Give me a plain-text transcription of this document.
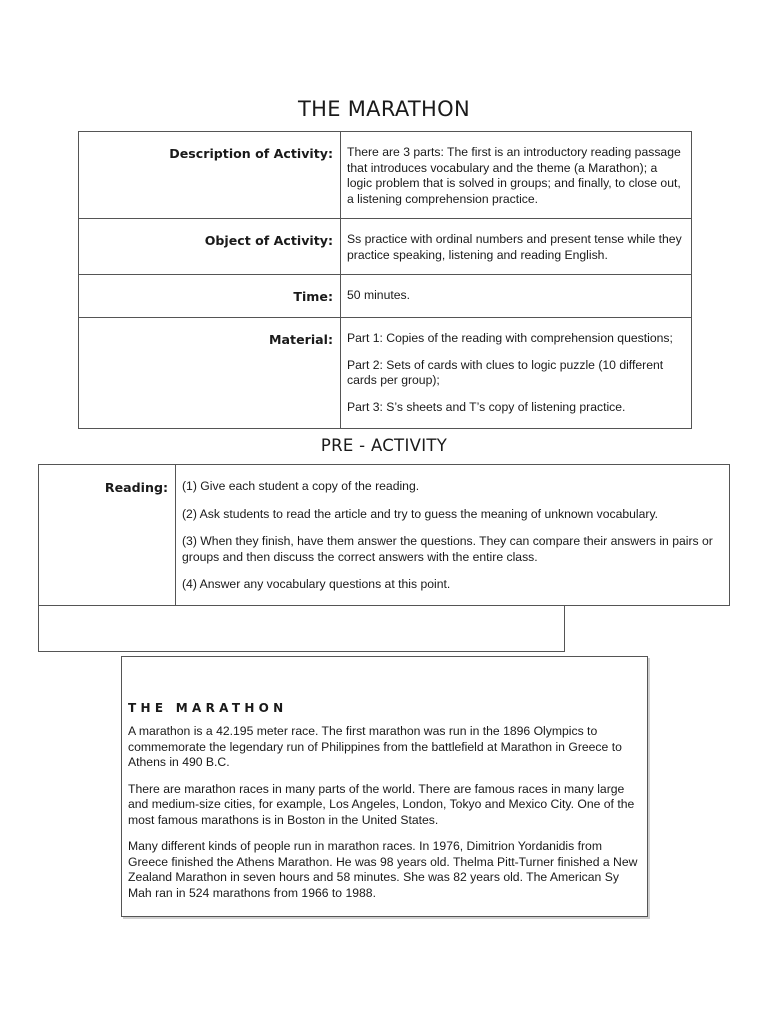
THE MARATHON
Description of Activity:	There are 3 parts: The first is an introductory reading passage that introduces vocabulary and the theme (a Marathon); a logic problem that is solved in groups; and finally, to close out, a listening comprehension practice.

Object of Activity:	Ss practice with ordinal numbers and present tense while they practice speaking, listening and reading English.

Time:	50 minutes.

Material:	Part 1: Copies of the reading with comprehension questions;

Part 2: Sets of cards with clues to logic puzzle (10 different cards per group);

Part 3: S’s sheets and T’s copy of listening practice.

PRE - ACTIVITY
Reading:	(1) Give each student a copy of the reading.

(2) Ask students to read the article and try to guess the meaning of unknown vocabulary.

(3) When they finish, have them answer the questions. They can compare their answers in pairs or groups and then discuss the correct answers with the entire class.

(4) Answer any vocabulary questions at this point.

THE MARATHON

A marathon is a 42.195 meter race. The first marathon was run in the 1896 Olympics to commemorate the legendary run of Philippines from the battlefield at Marathon in Greece to Athens in 490 B.C.

There are marathon races in many parts of the world. There are famous races in many large and medium-size cities, for example, Los Angeles, London, Tokyo and Mexico City. One of the most famous marathons is in Boston in the United States.

Many different kinds of people run in marathon races. In 1976, Dimitrion Yordanidis from Greece finished the Athens Marathon. He was 98 years old. Thelma Pitt-Turner finished a New Zealand Marathon in seven hours and 58 minutes. She was 82 years old. The American Sy Mah ran in 524 marathons from 1966 to 1988.
